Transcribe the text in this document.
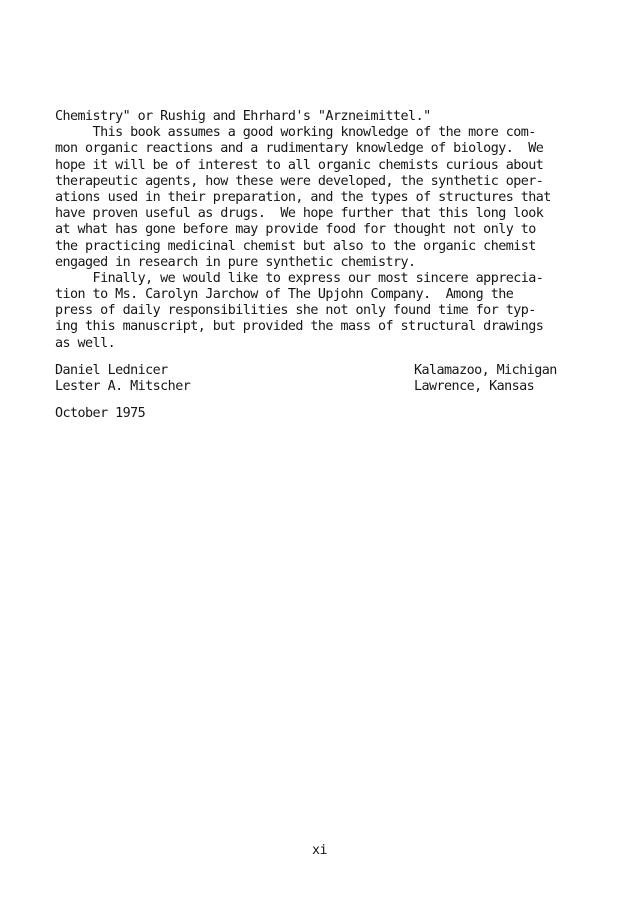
Chemistry" or Rushig and Ehrhard's "Arzneimittel."
This book assumes a good working knowledge of the more com-
mon organic reactions and a rudimentary knowledge of biology.  We
hope it will be of interest to all organic chemists curious about
therapeutic agents, how these were developed, the synthetic oper-
ations used in their preparation, and the types of structures that
have proven useful as drugs.  We hope further that this long look
at what has gone before may provide food for thought not only to
the practicing medicinal chemist but also to the organic chemist
engaged in research in pure synthetic chemistry.
Finally, we would like to express our most sincere apprecia-
tion to Ms. Carolyn Jarchow of The Upjohn Company.  Among the
press of daily responsibilities she not only found time for typ-
ing this manuscript, but provided the mass of structural drawings
as well.

Daniel Lednicer

	Kalamazoo, Michigan

Lester A. Mitscher

	Lawrence, Kansas

October 1975
xi
